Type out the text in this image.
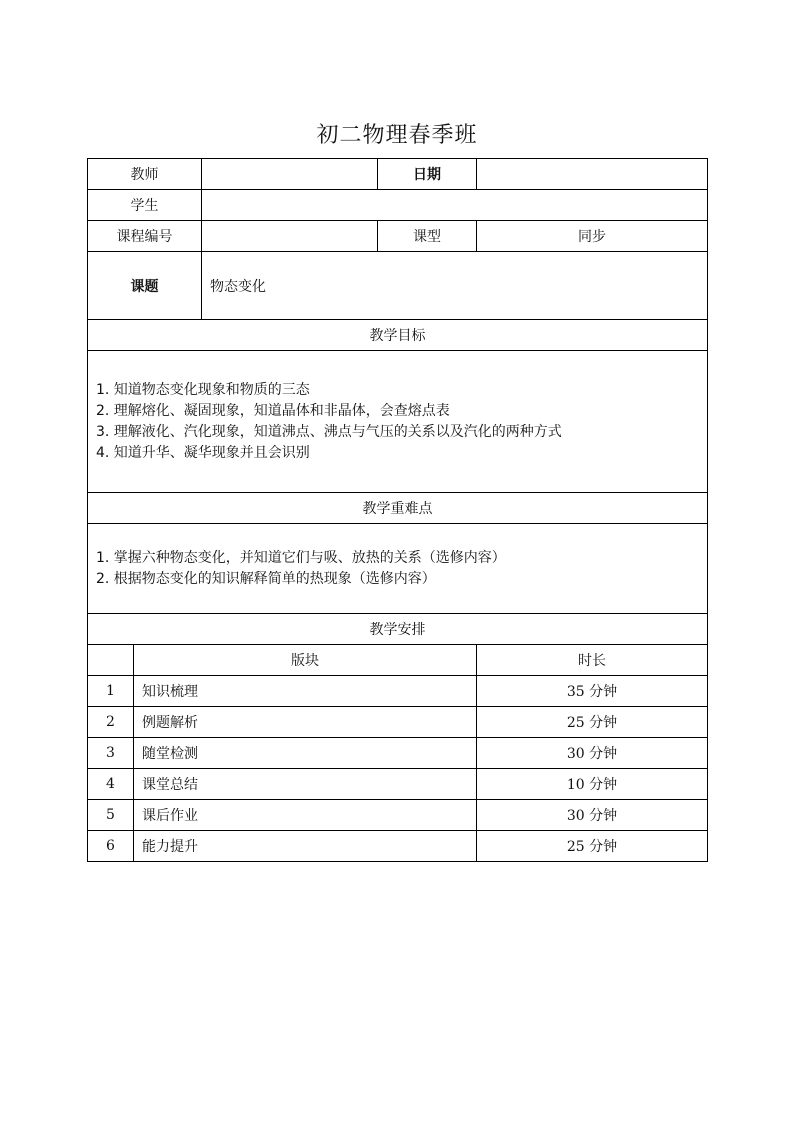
初二物理春季班
教师			日期	
学生				
课程编号			课型	同步
课题		物态变化		
教学目标				

1. 知道物态变化现象和物质的三态
2. 理解熔化、凝固现象，知道晶体和非晶体，会查熔点表
3. 理解液化、汽化现象，知道沸点、沸点与气压的关系以及汽化的两种方式
4. 知道升华、凝华现象并且会识别				

教学重难点				

1. 掌握六种物态变化，并知道它们与吸、放热的关系（选修内容）
2. 根据物态变化的知识解释简单的热现象（选修内容）				

教学安排				
	版块			时长
1	知识梳理			35 分钟
2	例题解析			25 分钟
3	随堂检测			30 分钟
4	课堂总结			10 分钟
5	课后作业			30 分钟
6	能力提升			25 分钟
